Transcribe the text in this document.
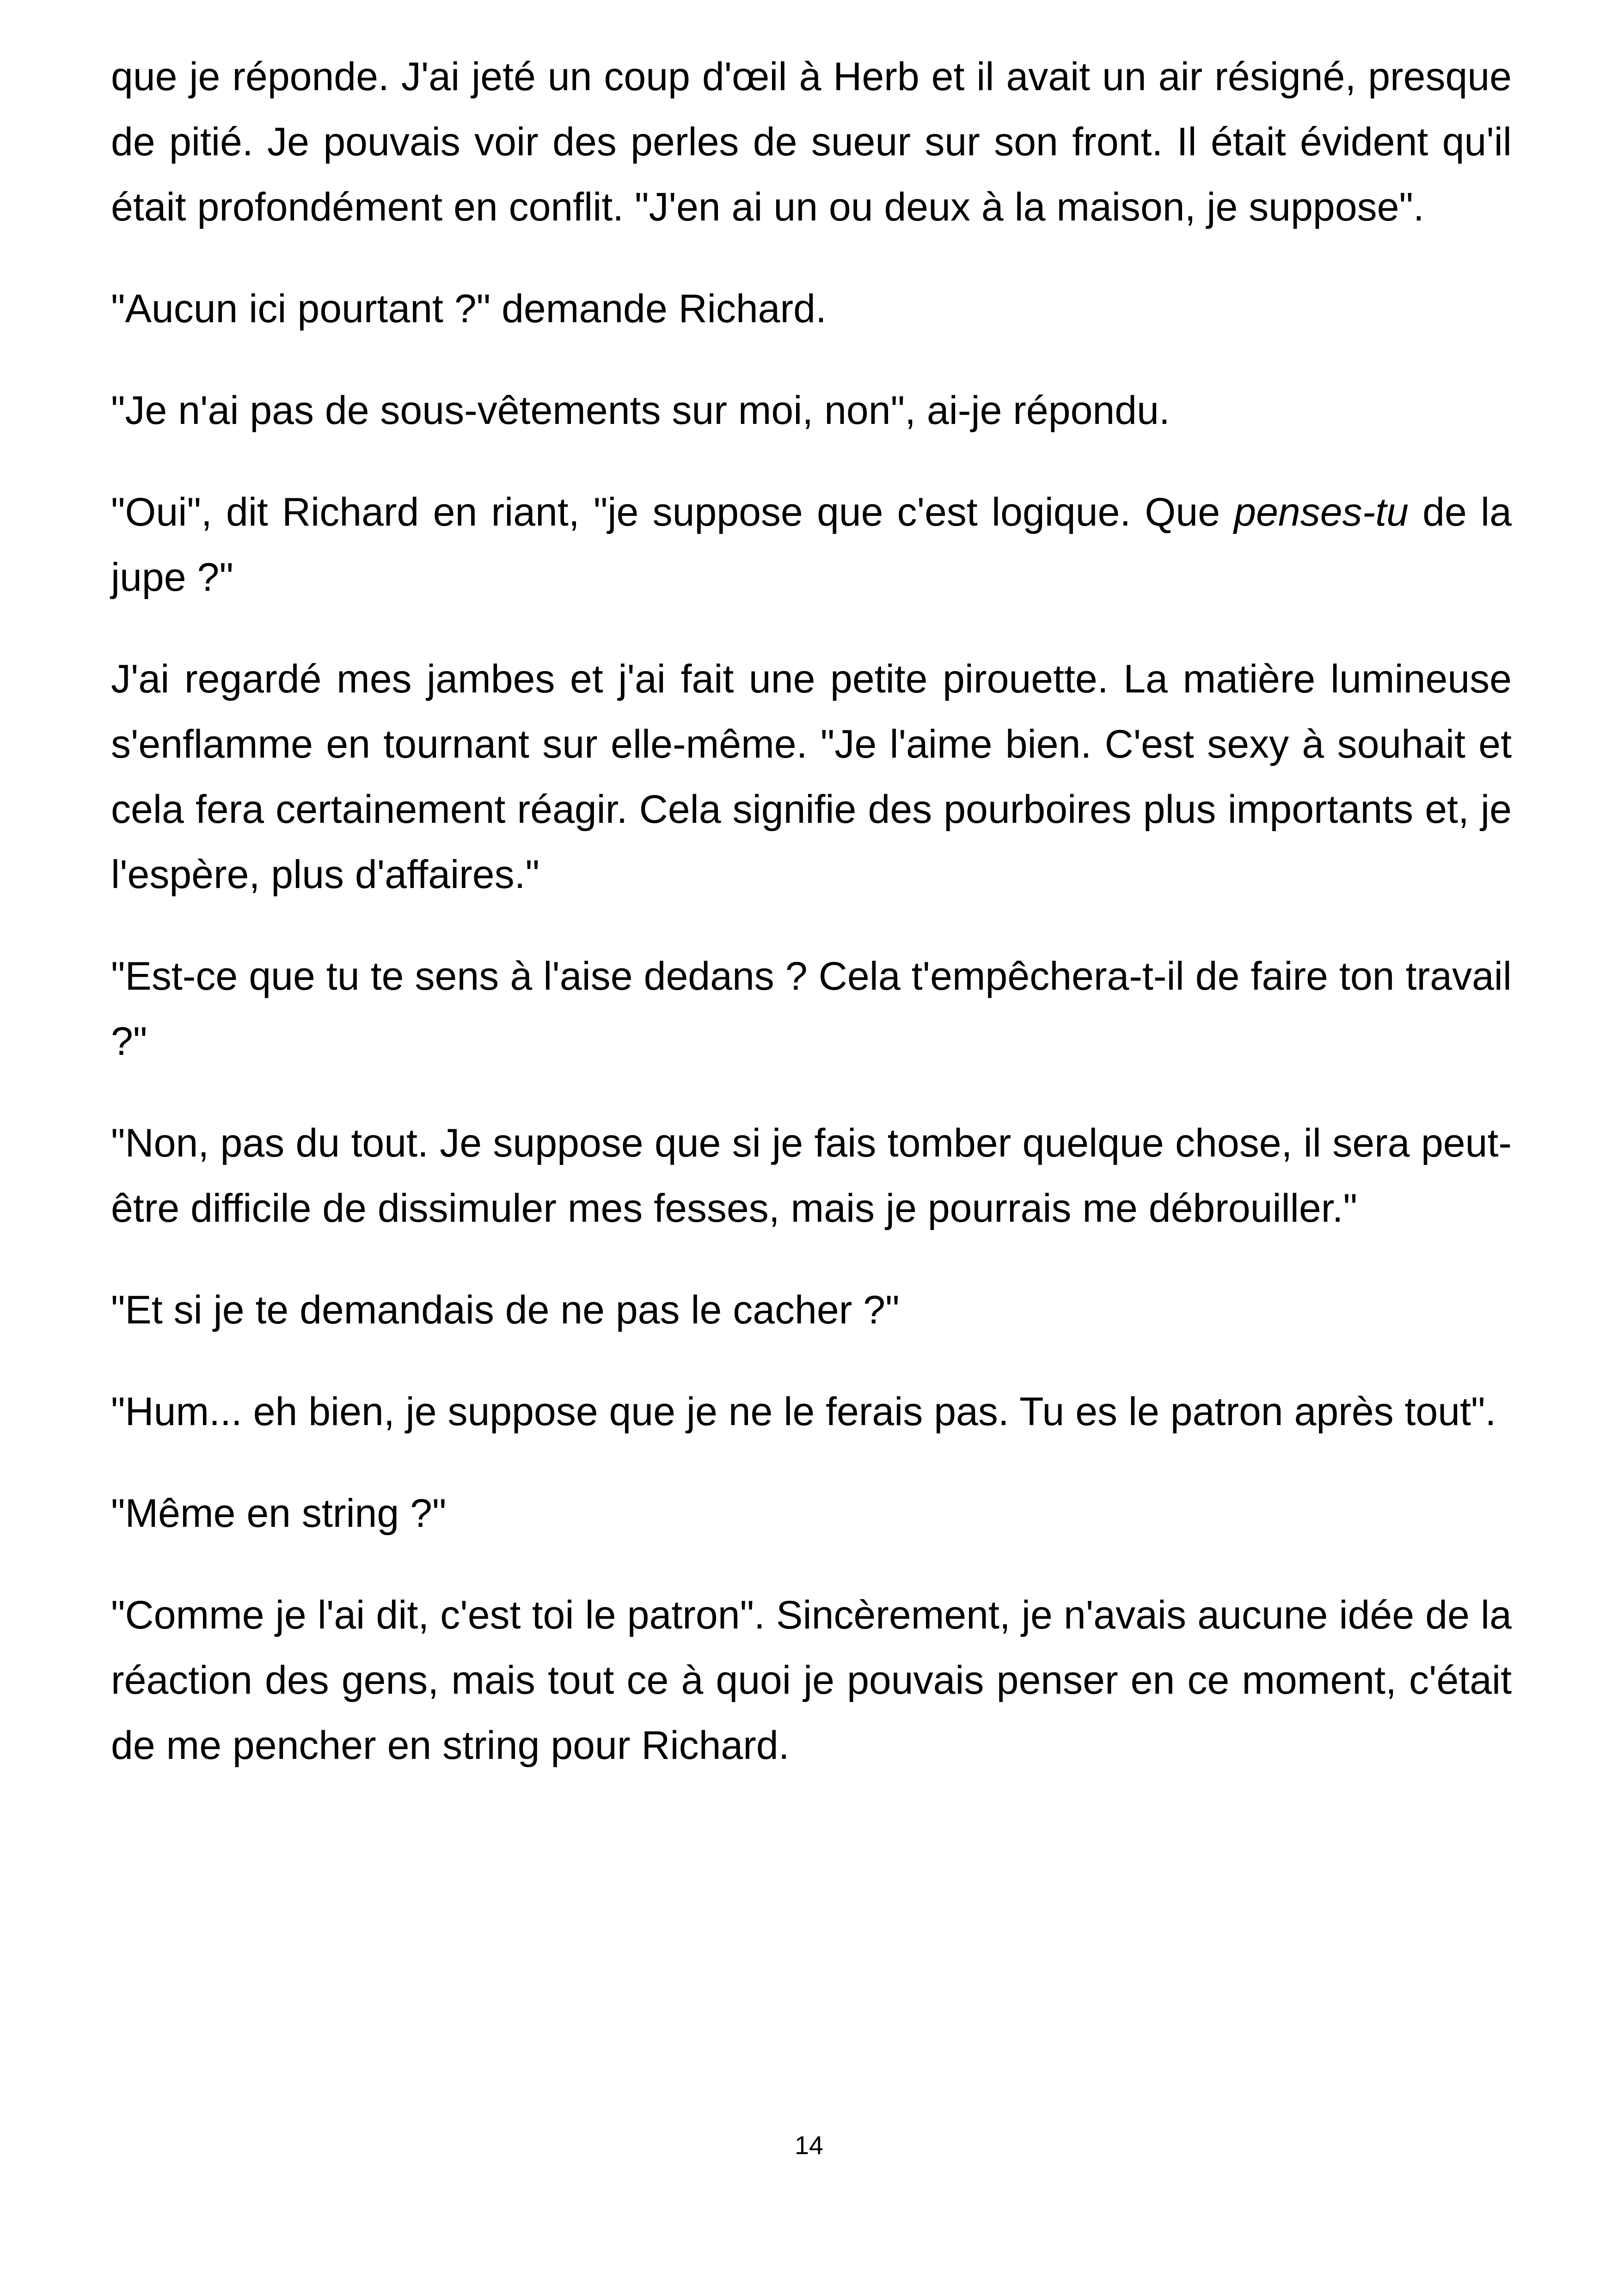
que je réponde. J'ai jeté un coup d'œil à Herb et il avait un air résigné, presque de pitié. Je pouvais voir des perles de sueur sur son front. Il était évident qu'il était profondément en conflit. "J'en ai un ou deux à la maison, je suppose".

"Aucun ici pourtant ?" demande Richard.

"Je n'ai pas de sous-vêtements sur moi, non", ai-je répondu.

"Oui", dit Richard en riant, "je suppose que c'est logique. Que penses-tu de la jupe ?"

J'ai regardé mes jambes et j'ai fait une petite pirouette. La matière lumineuse s'enflamme en tournant sur elle-même. "Je l'aime bien. C'est sexy à souhait et cela fera certainement réagir. Cela signifie des pourboires plus importants et, je l'espère, plus d'affaires."

"Est-ce que tu te sens à l'aise dedans ? Cela t'empêchera-t-il de faire ton travail ?"

"Non, pas du tout. Je suppose que si je fais tomber quelque chose, il sera peut-être difficile de dissimuler mes fesses, mais je pourrais me débrouiller."

"Et si je te demandais de ne pas le cacher ?"

"Hum... eh bien, je suppose que je ne le ferais pas. Tu es le patron après tout".

"Même en string ?"

"Comme je l'ai dit, c'est toi le patron". Sincèrement, je n'avais aucune idée de la réaction des gens, mais tout ce à quoi je pouvais penser en ce moment, c'était de me pencher en string pour Richard.

14
